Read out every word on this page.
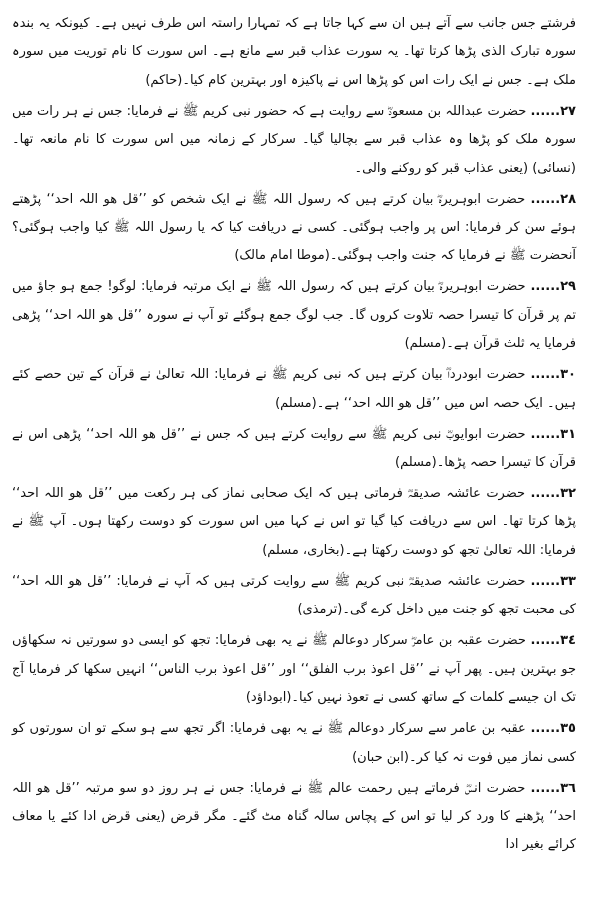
فرشتے جس جانب سے آتے ہیں ان سے کہا جاتا ہے کہ تمہارا راستہ اس طرف نہیں ہے۔ کیونکہ یہ بندہ سورہ تبارک الذی پڑھا کرتا تھا۔ یہ سورت عذاب قبر سے مانع ہے۔ اس سورت کا نام توریت میں سورہ ملک ہے۔ جس نے ایک رات اس کو پڑھا اس نے پاکیزہ اور بہترین کام کیا۔(حاکم)

٢٧...... حضرت عبداللہ بن مسعودؓ سے روایت ہے کہ حضور نبی کریم ﷺ نے فرمایا: جس نے ہر رات میں سورہ ملک کو پڑھا وہ عذاب قبر سے بچالیا گیا۔ سرکار کے زمانہ میں اس سورت کا نام مانعہ تھا۔(نسائی) (یعنی عذاب قبر کو روکنے والی۔

٢٨...... حضرت ابوہریرہؓ بیان کرتے ہیں کہ رسول اللہ ﷺ نے ایک شخص کو ’’قل ھو اللہ احد‘‘ پڑھتے ہوئے سن کر فرمایا: اس پر واجب ہوگئی۔ کسی نے دریافت کیا کہ یا رسول اللہ ﷺ کیا واجب ہوگئی؟ آنحضرت ﷺ نے فرمایا کہ جنت واجب ہوگئی۔(موطا امام مالک)

٢٩...... حضرت ابوہریرہؓ بیان کرتے ہیں کہ رسول اللہ ﷺ نے ایک مرتبہ فرمایا: لوگو! جمع ہو جاؤ میں تم پر قرآن کا تیسرا حصہ تلاوت کروں گا۔ جب لوگ جمع ہوگئے تو آپ نے سورہ ’’قل ھو اللہ احد‘‘ پڑھی فرمایا یہ ثلث قرآن ہے۔(مسلم)

٣٠...... حضرت ابودرداؓ بیان کرتے ہیں کہ نبی کریم ﷺ نے فرمایا: اللہ تعالیٰ نے قرآن کے تین حصے کئے ہیں۔ ایک حصہ اس میں ’’قل ھو اللہ احد‘‘ ہے۔(مسلم)

٣١...... حضرت ابوایوبؓ نبی کریم ﷺ سے روایت کرتے ہیں کہ جس نے ’’قل ھو اللہ احد‘‘ پڑھی اس نے قرآن کا تیسرا حصہ پڑھا۔(مسلم)

٣٢...... حضرت عائشہ صدیقہؓ فرماتی ہیں کہ ایک صحابی نماز کی ہر رکعت میں ’’قل ھو اللہ احد‘‘ پڑھا کرتا تھا۔ اس سے دریافت کیا گیا تو اس نے کہا میں اس سورت کو دوست رکھتا ہوں۔ آپ ﷺ نے فرمایا: اللہ تعالیٰ تجھ کو دوست رکھتا ہے۔(بخاری، مسلم)

٣٣...... حضرت عائشہ صدیقہؓ نبی کریم ﷺ سے روایت کرتی ہیں کہ آپ نے فرمایا: ’’قل ھو اللہ احد‘‘ کی محبت تجھ کو جنت میں داخل کرے گی۔(ترمذی)

٣٤...... حضرت عقبہ بن عامرؓ سرکار دوعالم ﷺ نے یہ بھی فرمایا: تجھ کو ایسی دو سورتیں نہ سکھاؤں جو بہترین ہیں۔ پھر آپ نے ’’قل اعوذ برب الفلق‘‘ اور ’’قل اعوذ برب الناس‘‘ انہیں سکھا کر فرمایا آج تک ان جیسے کلمات کے ساتھ کسی نے تعوذ نہیں کیا۔(ابوداؤد)

٣٥...... عقبہ بن عامر سے سرکار دوعالم ﷺ نے یہ بھی فرمایا: اگر تجھ سے ہو سکے تو ان سورتوں کو کسی نماز میں فوت نہ کیا کر۔(ابن حبان)

٣٦...... حضرت انسؓ فرماتے ہیں رحمت عالم ﷺ نے فرمایا: جس نے ہر روز دو سو مرتبہ ’’قل ھو اللہ احد‘‘ پڑھنے کا ورد کر لیا تو اس کے پچاس سالہ گناہ مٹ گئے۔ مگر قرض (یعنی قرض ادا کئے یا معاف کرائے بغیر ادا
